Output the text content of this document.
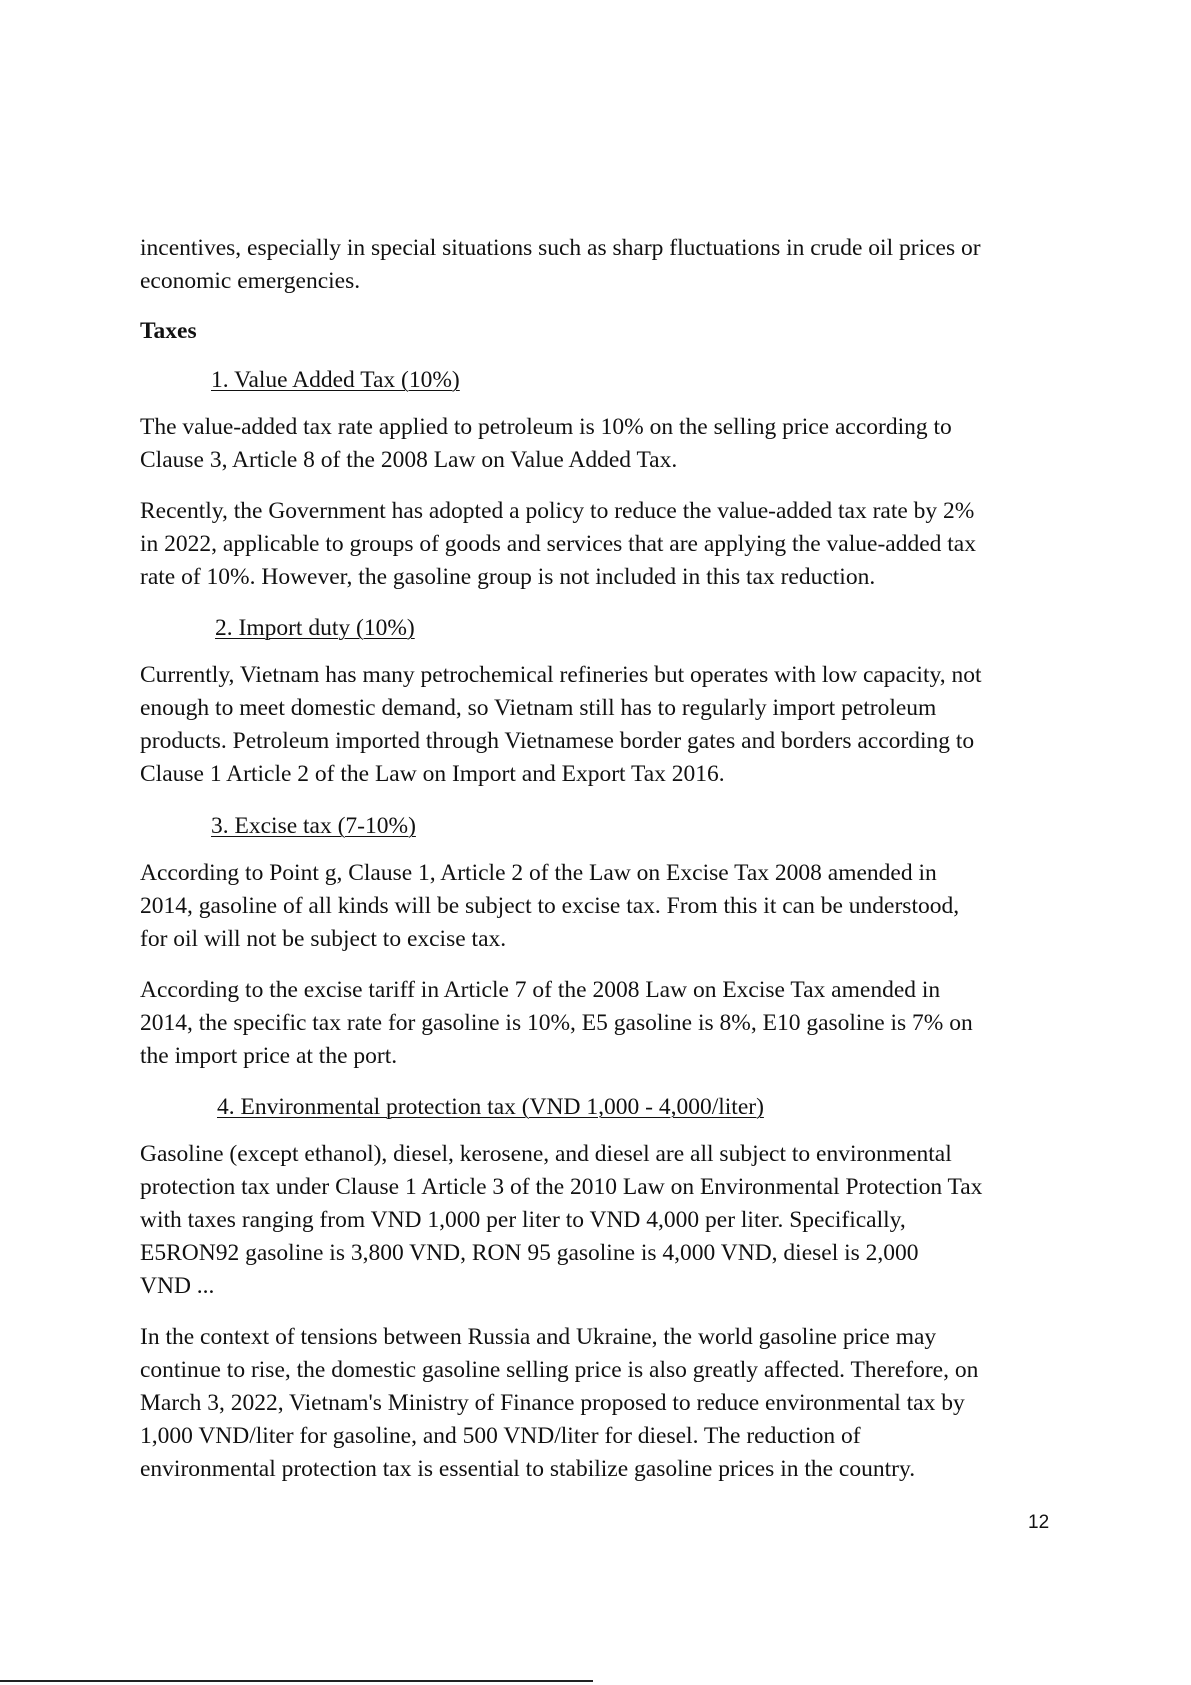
incentives, especially in special situations such as sharp fluctuations in crude oil prices or
economic emergencies.

Taxes

1. Value Added Tax (10%)

The value-added tax rate applied to petroleum is 10% on the selling price according to
Clause 3, Article 8 of the 2008 Law on Value Added Tax.

Recently, the Government has adopted a policy to reduce the value-added tax rate by 2%
in 2022, applicable to groups of goods and services that are applying the value-added tax
rate of 10%. However, the gasoline group is not included in this tax reduction.

2. Import duty (10%)

Currently, Vietnam has many petrochemical refineries but operates with low capacity, not
enough to meet domestic demand, so Vietnam still has to regularly import petroleum
products. Petroleum imported through Vietnamese border gates and borders according to
Clause 1 Article 2 of the Law on Import and Export Tax 2016.

3. Excise tax (7-10%)

According to Point g, Clause 1, Article 2 of the Law on Excise Tax 2008 amended in
2014, gasoline of all kinds will be subject to excise tax. From this it can be understood,
for oil will not be subject to excise tax.

According to the excise tariff in Article 7 of the 2008 Law on Excise Tax amended in
2014, the specific tax rate for gasoline is 10%, E5 gasoline is 8%, E10 gasoline is 7% on
the import price at the port.

4. Environmental protection tax (VND 1,000 - 4,000/liter)

Gasoline (except ethanol), diesel, kerosene, and diesel are all subject to environmental
protection tax under Clause 1 Article 3 of the 2010 Law on Environmental Protection Tax
with taxes ranging from VND 1,000 per liter to VND 4,000 per liter. Specifically,
E5RON92 gasoline is 3,800 VND, RON 95 gasoline is 4,000 VND, diesel is 2,000
VND ...

In the context of tensions between Russia and Ukraine, the world gasoline price may
continue to rise, the domestic gasoline selling price is also greatly affected. Therefore, on
March 3, 2022, Vietnam's Ministry of Finance proposed to reduce environmental tax by
1,000 VND/liter for gasoline, and 500 VND/liter for diesel. The reduction of
environmental protection tax is essential to stabilize gasoline prices in the country.

12
